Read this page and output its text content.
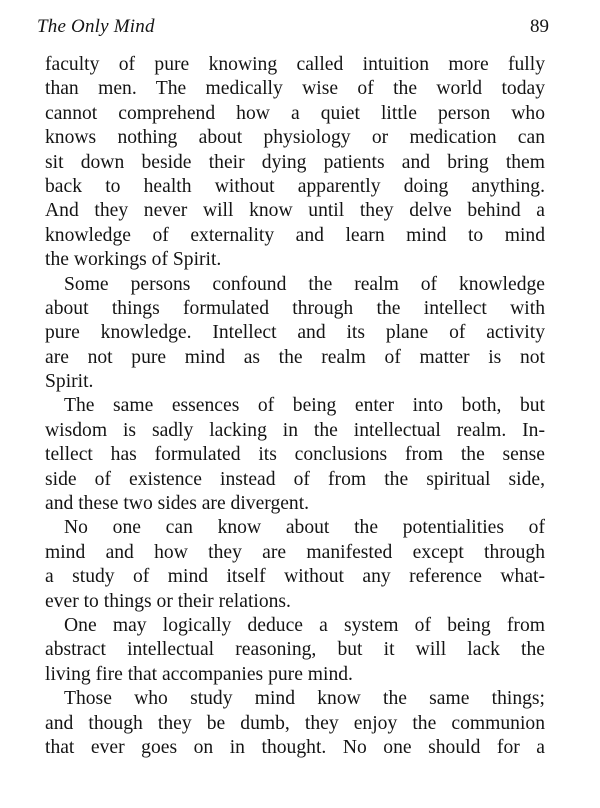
The Only Mind	89
faculty of pure knowing called intuition more fully
than men. The medically wise of the world today
cannot comprehend how a quiet little person who
knows nothing about physiology or medication can
sit down beside their dying patients and bring them
back to health without apparently doing anything.
And they never will know until they delve behind a
knowledge of externality and learn mind to mind
the workings of Spirit.
Some persons confound the realm of knowledge
about things formulated through the intellect with
pure knowledge. Intellect and its plane of activity
are not pure mind as the realm of matter is not
Spirit.
The same essences of being enter into both, but
wisdom is sadly lacking in the intellectual realm. In-
tellect has formulated its conclusions from the sense
side of existence instead of from the spiritual side,
and these two sides are divergent.
No one can know about the potentialities of
mind and how they are manifested except through
a study of mind itself without any reference what-
ever to things or their relations.
One may logically deduce a system of being from
abstract intellectual reasoning, but it will lack the
living fire that accompanies pure mind.
Those who study mind know the same things;
and though they be dumb, they enjoy the communion
that ever goes on in thought. No one should for a
